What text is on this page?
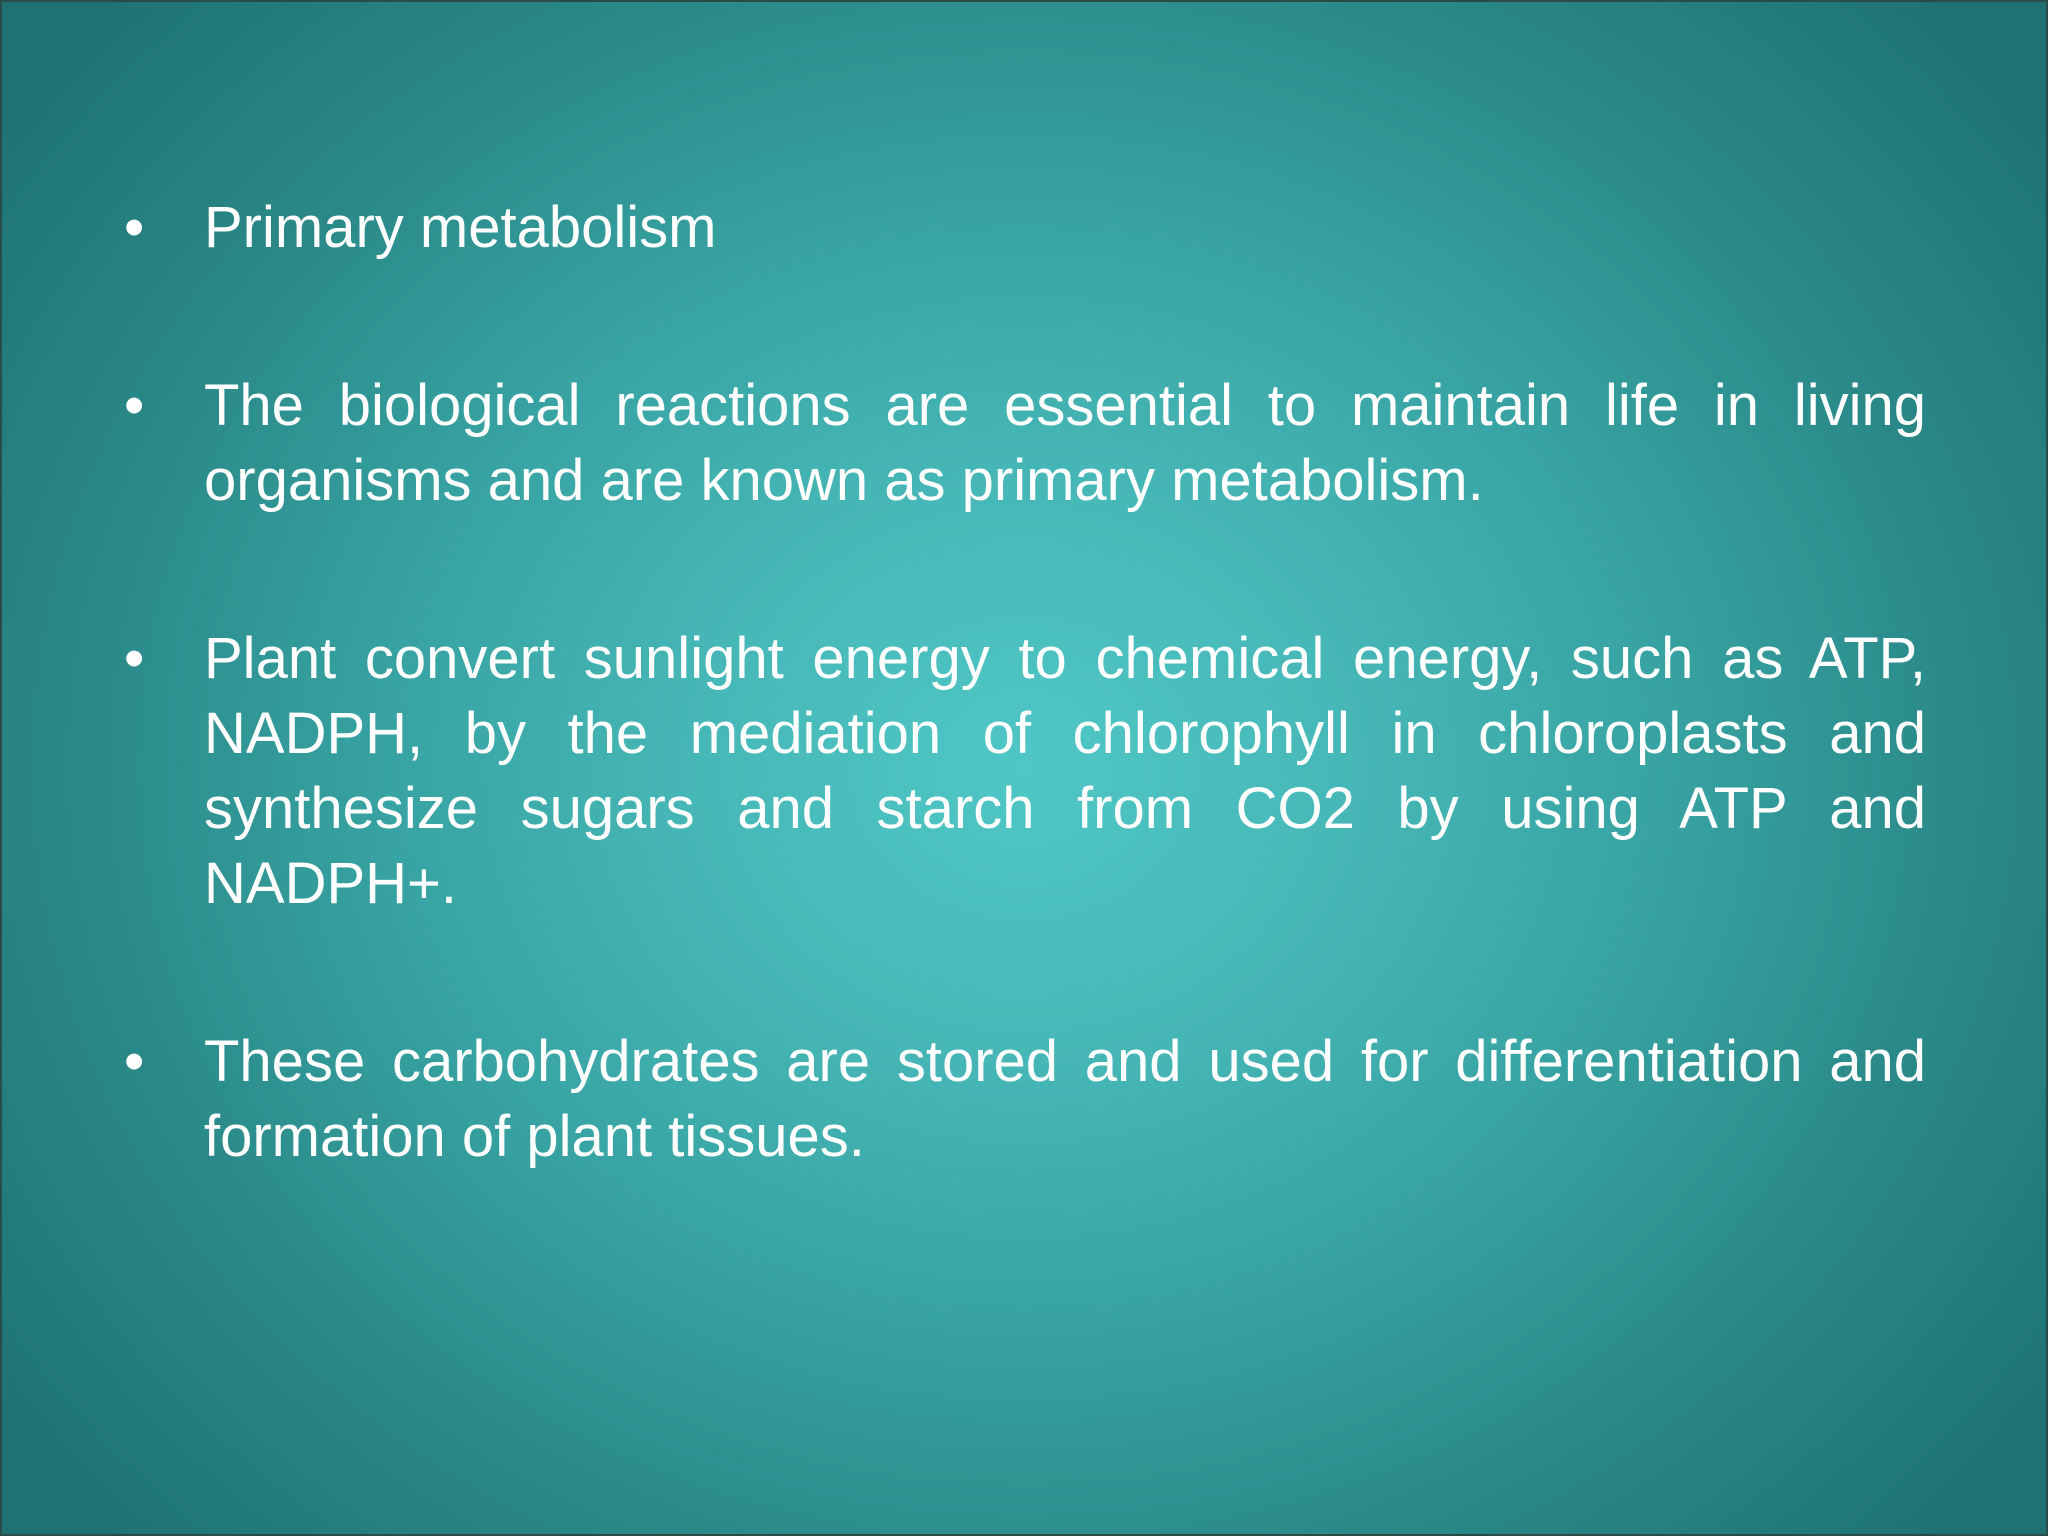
•	Primary metabolism
•	The biological reactions are essential to maintain life in living organisms and are known as primary metabolism.
•	Plant convert sunlight energy to chemical energy, such as ATP, NADPH, by the mediation of chlorophyll in chloroplasts and synthesize sugars and starch from CO2 by using ATP and NADPH+.
•	These carbohydrates are stored and used for differentiation and formation of plant tissues.
